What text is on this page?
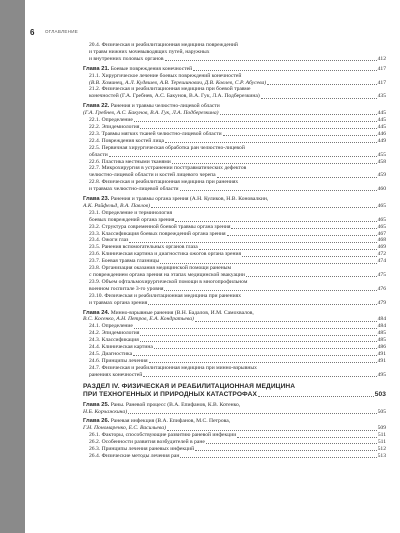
6 ОГЛАВЛЕНИЕ
20.4. Физическая и реабилитационная медицина повреждений
и травм нижних мочевыводящих путей, наружных
и внутренних половых органов	412
Глава 21. Боевые повреждения конечностей	417
21.1. Хирургическое лечение боевых повреждений конечностей
(В.В. Хоминец, А.Л. Кудяшев, А.В. Терешинович, Д.В. Ковлев, С.Р. Абусева)	417
21.2. Физическая и реабилитационная медицина при боевой травме
конечностей (Г.А. Гребнев, А.С. Бакунов, В.А. Гук, Л.А. Подберезкина)	435
Глава 22. Ранения и травмы челюстно-лицевой области
(Г.А. Гребнев, А.С. Бакунов, В.А. Гук, Л.А. Подберезкина)	445
22.1. Определение	445
22.2. Эпидемиология	445
22.3. Травмы мягких тканей челюстно-лицевой области	446
22.4. Повреждения костей лица	449
22.5. Первичная хирургическая обработка ран челюстно-лицевой
области	455
22.6. Пластика местными тканями	458
22.7. Микрохирургия в устранении посттравматических дефектов
челюстно-лицевой области и костей лицевого черепа	459
22.8. Физическая и реабилитационная медицина при ранениях
и травмах челюстно-лицевой области	460
Глава 23. Ранения и травмы органа зрения (А.Н. Куликов, Н.В. Коновалкин,
А.К. Райфельд, В.А. Павлов)	465
23.1. Определение и терминология
боевых повреждений органа зрения	465
23.2. Структура современной боевой травмы органа зрения	465
23.3. Классификация боевых повреждений органа зрения	467
23.4. Ожоги глаз	468
23.5. Ранения вспомогательных органов глаза	469
23.6. Клиническая картина и диагностика ожогов органа зрения	472
23.7. Боевая травма глазницы	474
23.8. Организация оказания медицинской помощи раненым
с повреждением органа зрения на этапах медицинской эвакуации	475
23.9. Объем офтальмохирургической помощи в многопрофильном
военном госпитале 3-го уровня	476
23.10. Физическая и реабилитационная медицина при ранениях
и травмах органа зрения	479
Глава 24. Минно-взрывные ранения (В.Н. Бадалов, И.М. Самохвалов,
В.С. Косенко, А.Н. Петров, Е.А. Кондратьева)	484
24.1. Определение	484
24.2. Эпидемиология	485
24.3. Классификация	485
24.4. Клиническая картина	486
24.5. Диагностика	491
24.6. Принципы лечения	491
24.7. Физическая и реабилитационная медицина при минно-взрывных
ранениях конечностей	495
РАЗДЕЛ IV. ФИЗИЧЕСКАЯ И РЕАБИЛИТАЦИОННАЯ МЕДИЦИНА
ПРИ ТЕХНОГЕННЫХ И ПРИРОДНЫХ КАТАСТРОФАХ	503
Глава 25. Раны. Раневой процесс (В.А. Епифанов, К.В. Котенко,
Н.Б. Корчажкина)	505
Глава 26. Раневая инфекция (В.А. Епифанов, М.С. Петрова,
Г.Н. Пономаренко, Е.С. Васильева)	509
26.1. Факторы, способствующие развитию раневой инфекции	511
26.2. Особенности развития возбудителей в ране	511
26.3. Принципы лечения раневых инфекций	512
26.4. Физические методы лечения ран	513
